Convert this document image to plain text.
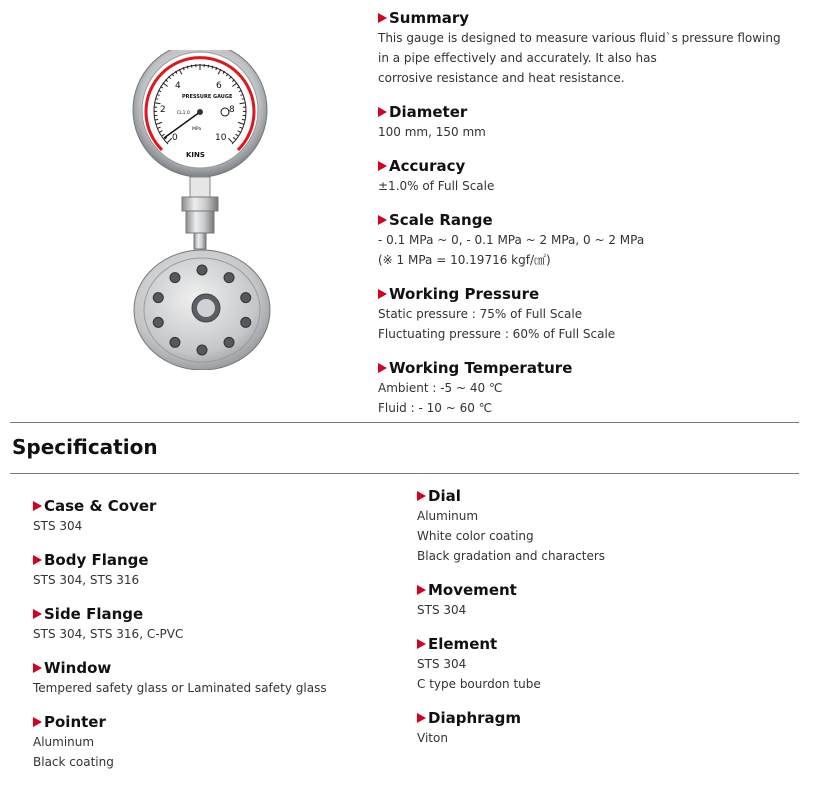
0
2
4	6
8
10
PRESSURE GAUGE
CL1.0
MPa
KINS
Summary
This gauge is designed to measure various fluid`s pressure flowing
in a pipe effectively and accurately. It also has
corrosive resistance and heat resistance.
Diameter
100 mm, 150 mm
Accuracy
±1.0% of Full Scale
Scale Range
- 0.1 MPa ~ 0, - 0.1 MPa ~ 2 MPa, 0 ~ 2 MPa
(※ 1 MPa = 10.19716 kgf/㎠)
Working Pressure
Static pressure : 75% of Full Scale
Fluctuating pressure : 60% of Full Scale
Working Temperature
Ambient : -5 ~ 40 ℃
Fluid : - 10 ~ 60 ℃
Specification
Case & Cover
STS 304
Body Flange
STS 304, STS 316
Side Flange
STS 304, STS 316, C-PVC
Window
Tempered safety glass or Laminated safety glass
Pointer
Aluminum
Black coating
Dial
Aluminum
White color coating
Black gradation and characters
Movement
STS 304
Element
STS 304
C type bourdon tube
Diaphragm
Viton
